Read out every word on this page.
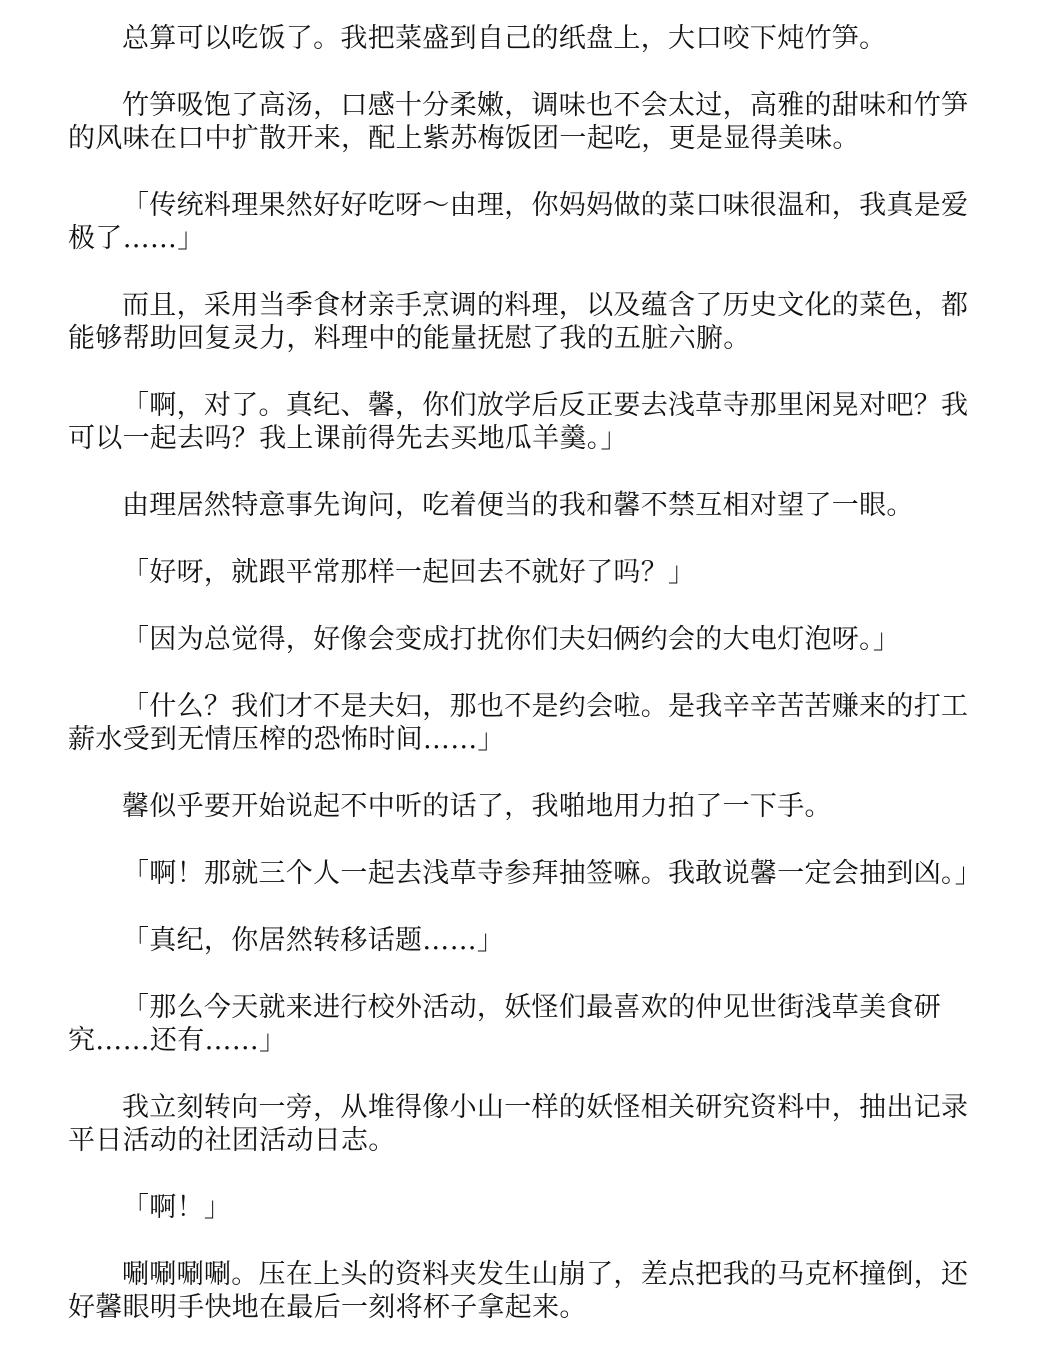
总算可以吃饭了。我把菜盛到自己的纸盘上，大口咬下炖竹笋。

竹笋吸饱了高汤，口感十分柔嫩，调味也不会太过，高雅的甜味和竹笋的风味在口中扩散开来，配上紫苏梅饭团一起吃，更是显得美味。

「传统料理果然好好吃呀～由理，你妈妈做的菜口味很温和，我真是爱极了……」

而且，采用当季食材亲手烹调的料理，以及蕴含了历史文化的菜色，都能够帮助回复灵力，料理中的能量抚慰了我的五脏六腑。

「啊，对了。真纪、馨，你们放学后反正要去浅草寺那里闲晃对吧？我可以一起去吗？我上课前得先去买地瓜羊羹。」

由理居然特意事先询问，吃着便当的我和馨不禁互相对望了一眼。

「好呀，就跟平常那样一起回去不就好了吗？」

「因为总觉得，好像会变成打扰你们夫妇俩约会的大电灯泡呀。」

「什么？我们才不是夫妇，那也不是约会啦。是我辛辛苦苦赚来的打工薪水受到无情压榨的恐怖时间……」

馨似乎要开始说起不中听的话了，我啪地用力拍了一下手。

「啊！那就三个人一起去浅草寺参拜抽签嘛。我敢说馨一定会抽到凶。」

「真纪，你居然转移话题……」

「那么今天就来进行校外活动，妖怪们最喜欢的仲见世街浅草美食研究……还有……」

我立刻转向一旁，从堆得像小山一样的妖怪相关研究资料中，抽出记录平日活动的社团活动日志。

「啊！」

唰唰唰唰。压在上头的资料夹发生山崩了，差点把我的马克杯撞倒，还好馨眼明手快地在最后一刻将杯子拿起来。
